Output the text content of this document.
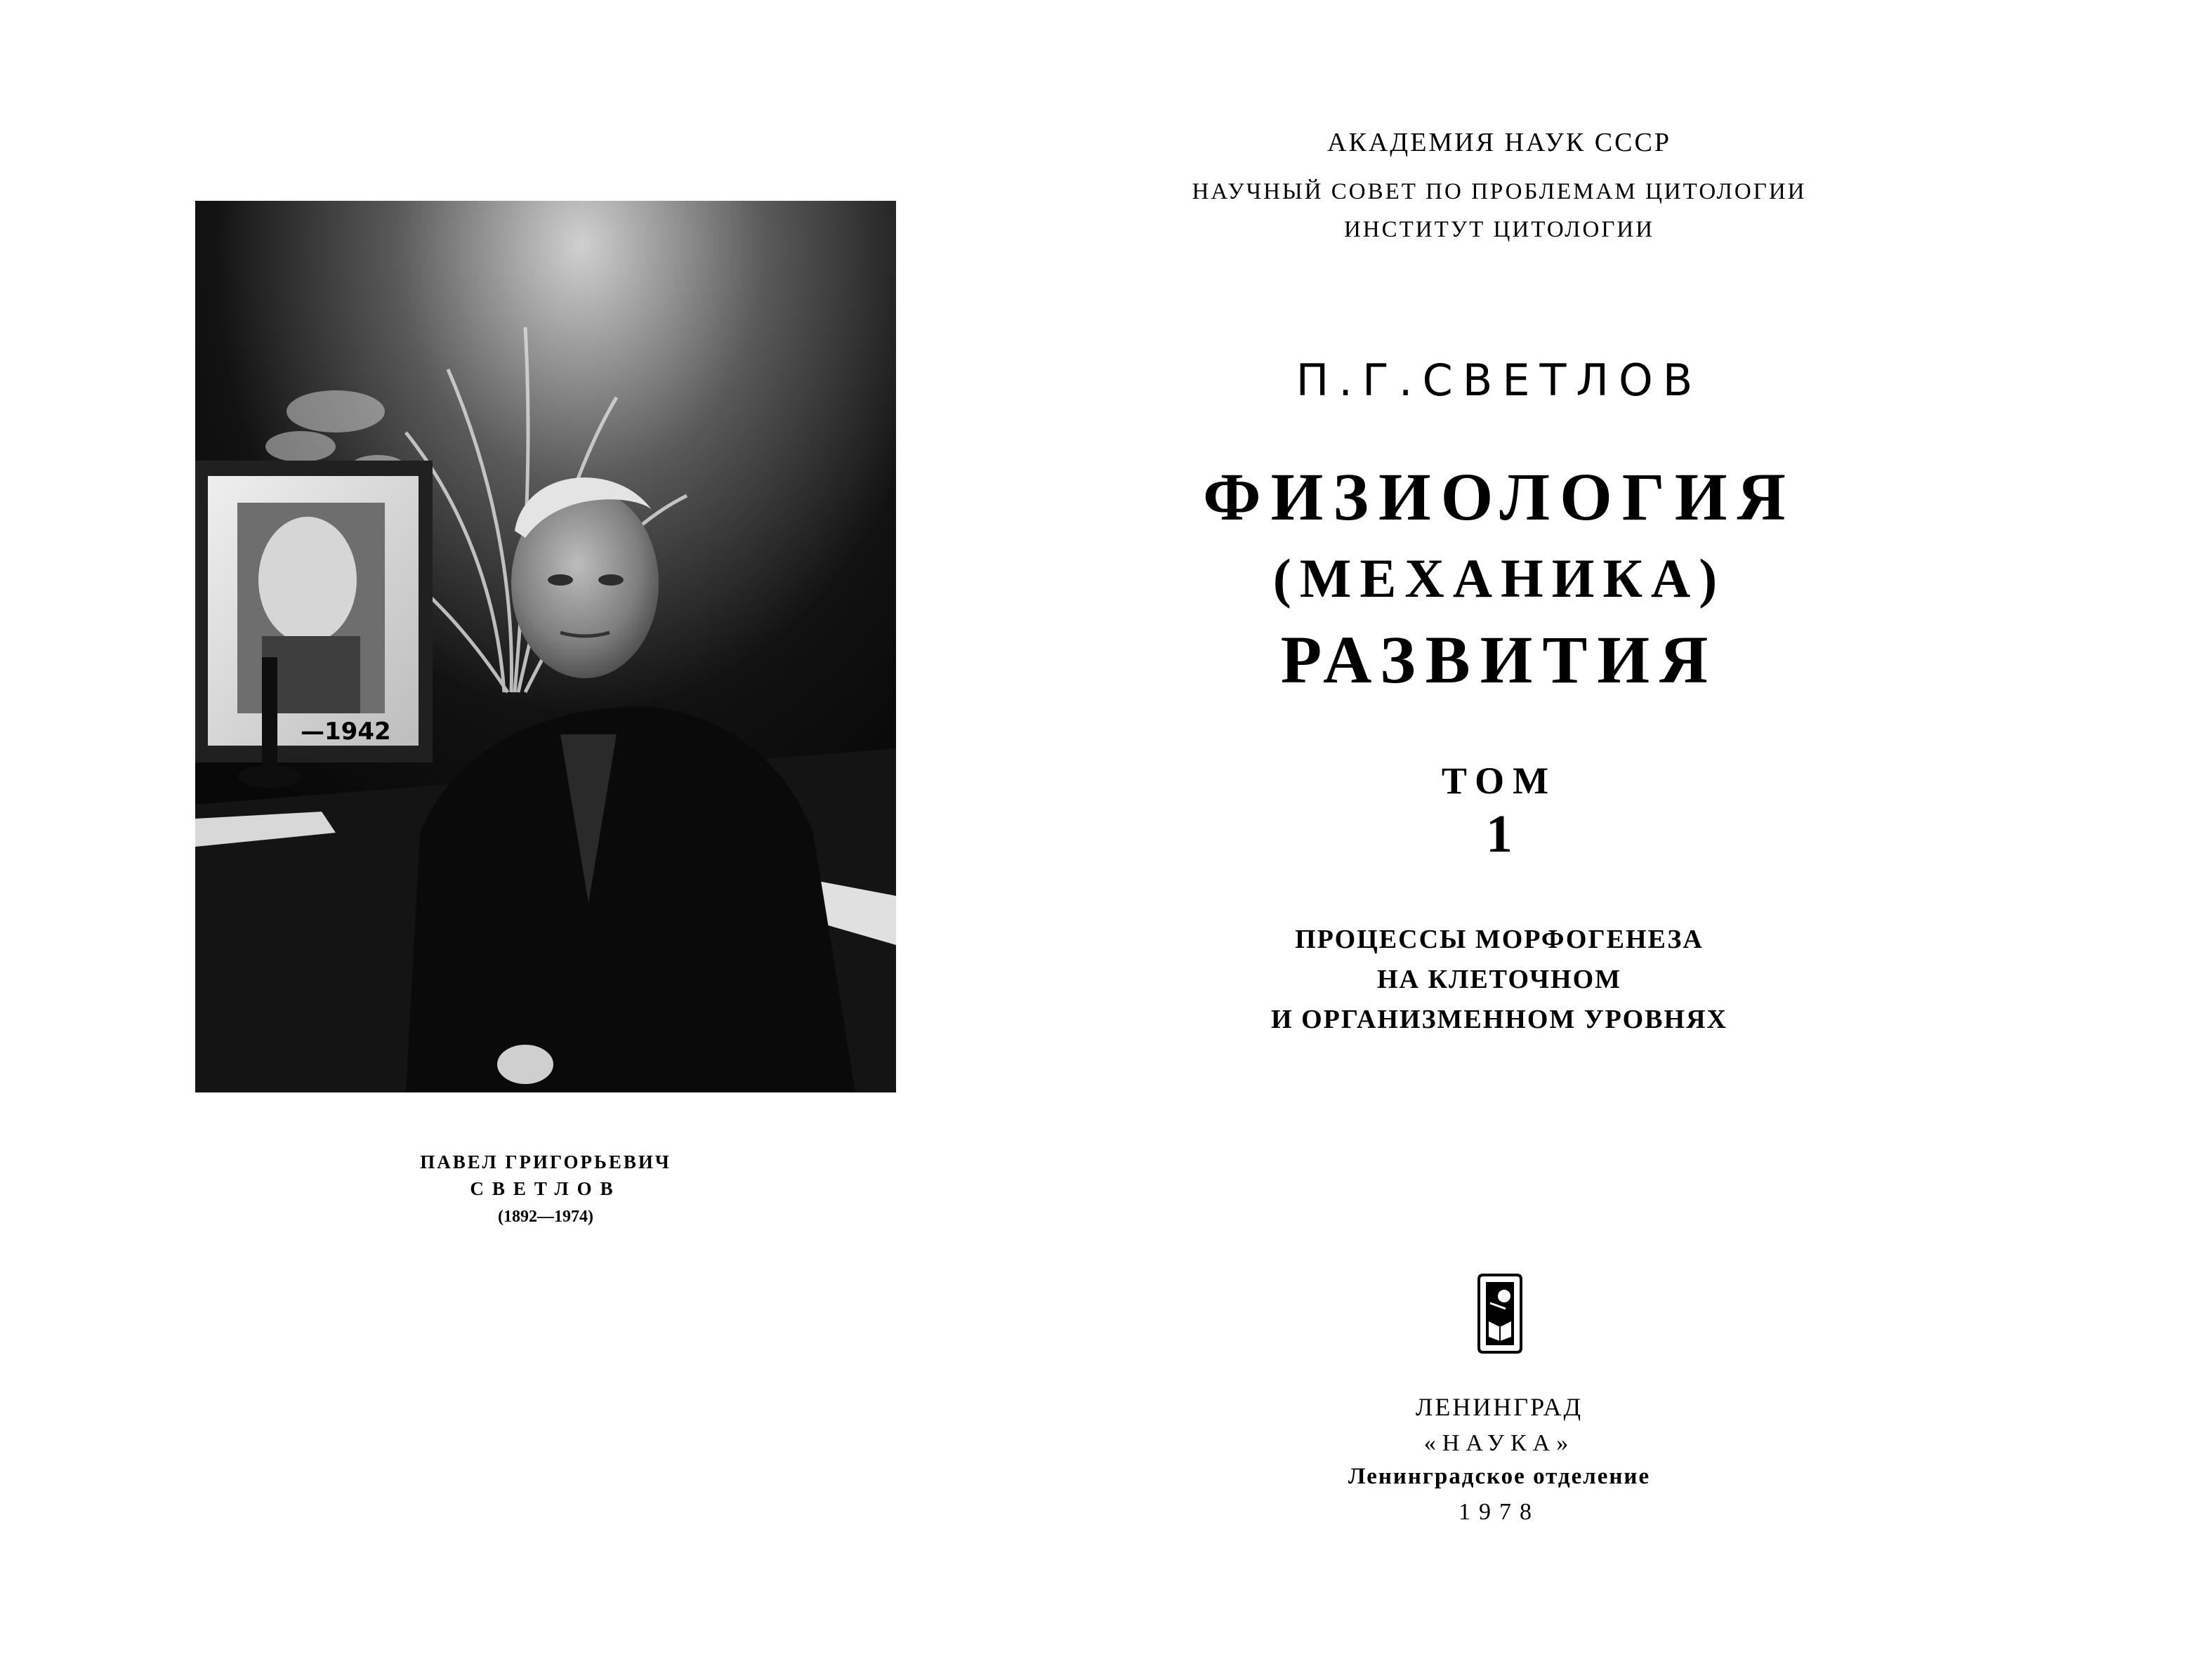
—1942
ПАВЕЛ ГРИГОРЬЕВИЧ
СВЕТЛОВ
(1892—1974)
АКАДЕМИЯ НАУК СССР
НАУЧНЫЙ СОВЕТ ПО ПРОБЛЕМАМ ЦИТОЛОГИИ
ИНСТИТУТ ЦИТОЛОГИИ
П.Г.СВЕТЛОВ
ФИЗИОЛОГИЯ
(МЕХАНИКА)
РАЗВИТИЯ
ТОМ
1
ПРОЦЕССЫ МОРФОГЕНЕЗА
НА КЛЕТОЧНОМ
И ОРГАНИЗМЕННОМ УРОВНЯХ
ЛЕНИНГРАД
«НАУКА»
Ленинградское отделение
1978
